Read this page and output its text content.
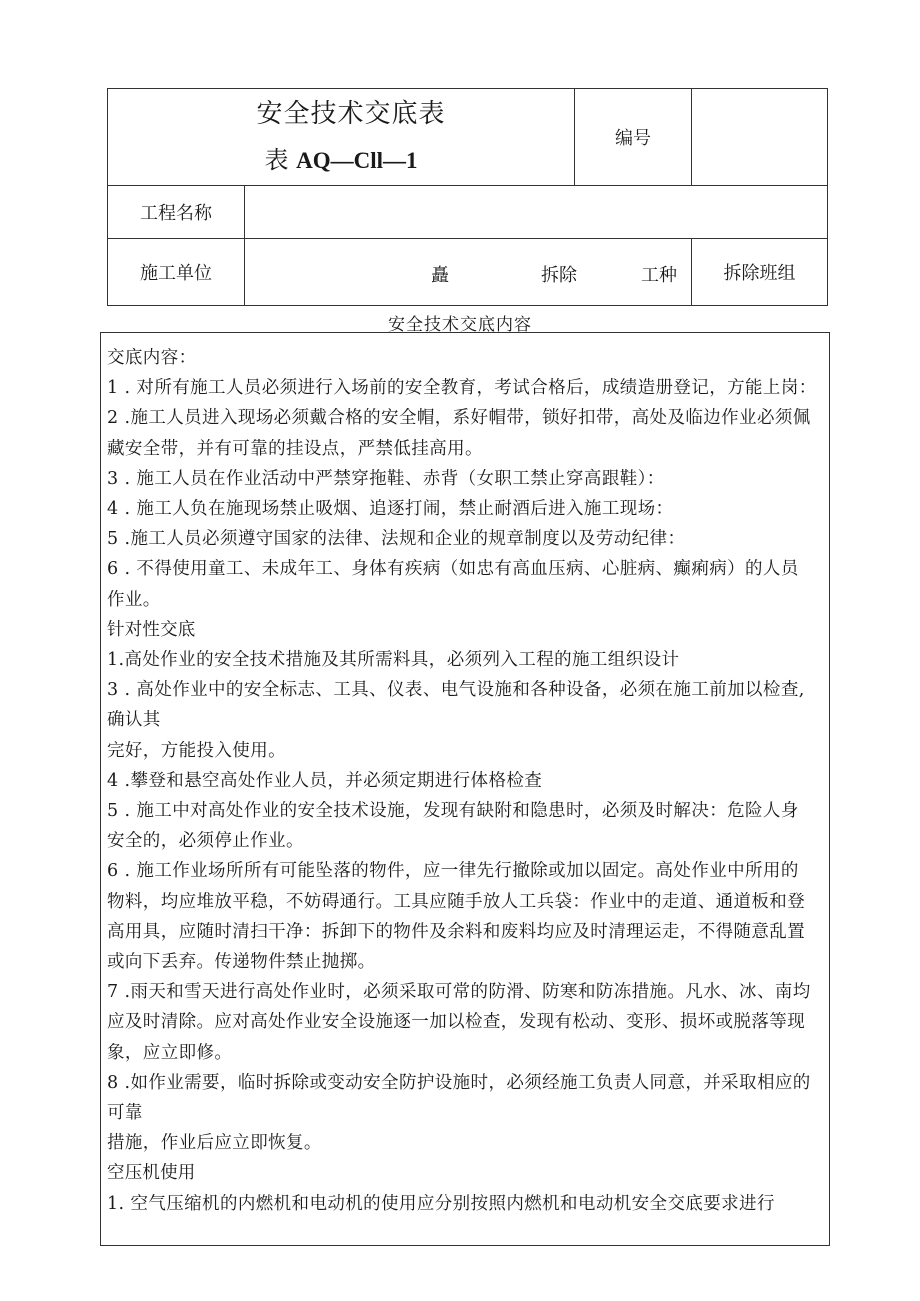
安全技术交底表
表 AQ—Cll—1		编号	
工程名称			
施工单位	矗 拆除 工种		拆除班组
安全技术交底内容
交底内容：
1 . 对所有施工人员必须进行入场前的安全教育，考试合格后，成绩造册登记，方能上岗：
2 .施工人员进入现场必须戴合格的安全帽，系好帽带，锁好扣带，高处及临边作业必须佩
藏安全带，并有可靠的挂设点，严禁低挂高用。
3 . 施工人员在作业活动中严禁穿拖鞋、赤背（女职工禁止穿高跟鞋）：
4 . 施工人负在施现场禁止吸烟、追逐打闹，禁止耐酒后进入施工现场：
5 .施工人员必须遵守国家的法律、法规和企业的规章制度以及劳动纪律：
6 . 不得使用童工、未成年工、身体有疾病（如忠有高血压病、心脏病、癫痢病）的人员
作业。
针对性交底
1.高处作业的安全技术措施及其所需料具，必须列入工程的施工组织设计
3 . 高处作业中的安全标志、工具、仪表、电气设施和各种设备，必须在施工前加以检查,
确认其
完好，方能投入使用。
4 .攀登和悬空高处作业人员，并必须定期进行体格检查
5 . 施工中对高处作业的安全技术设施，发现有缺附和隐患时，必须及时解决：危险人身
安全的，必须停止作业。
6 . 施工作业场所所有可能坠落的物件，应一律先行撤除或加以固定。高处作业中所用的
物料，均应堆放平稳，不妨碍通行。工具应随手放人工兵袋：作业中的走道、通道板和登
高用具，应随时清扫干净：拆卸下的物件及余料和废料均应及时清理运走，不得随意乱置
或向下丢弃。传递物件禁止抛掷。
7 .雨天和雪天进行高处作业时，必须采取可常的防滑、防寒和防冻措施。凡水、冰、南均
应及时清除。应对高处作业安全设施逐一加以检查，发现有松动、变形、损坏或脱落等现
象，应立即修。
8 .如作业需要，临时拆除或变动安全防护设施时，必须经施工负责人同意，并采取相应的
可靠
措施，作业后应立即恢复。
空压机使用
1. 空气压缩机的内燃机和电动机的使用应分别按照内燃机和电动机安全交底要求进行
